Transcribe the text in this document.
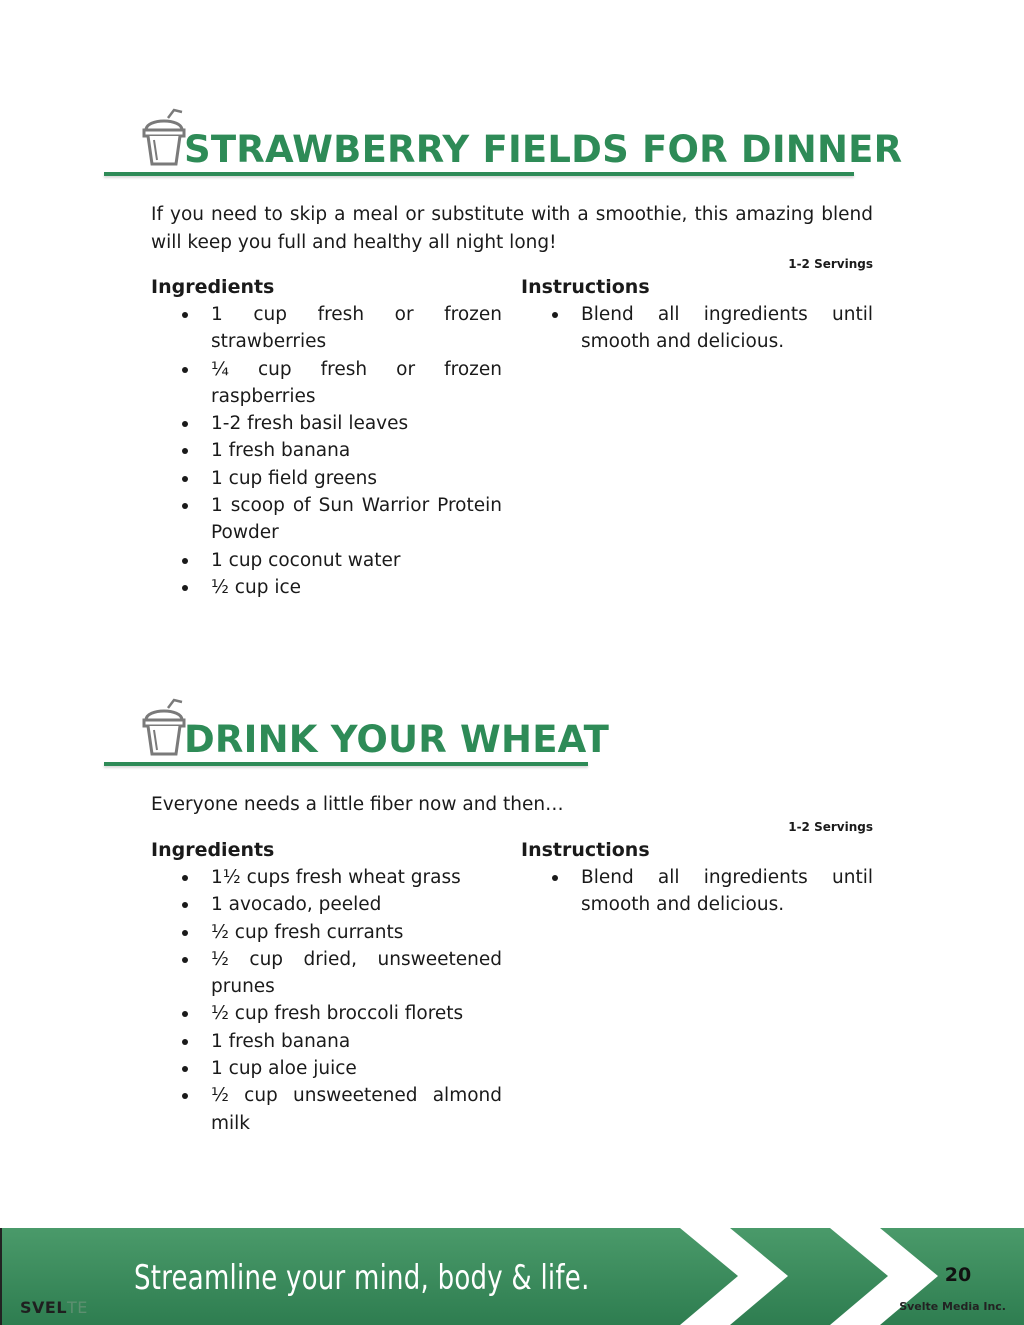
STRAWBERRY FIELDS FOR DINNER
If you need to skip a meal or substitute with a smoothie, this amazing blend will keep you full and healthy all night long!
1-2 Servings
Ingredients	Instructions
1 cup fresh or frozen strawberries
¼ cup fresh or frozen raspberries
1-2 fresh basil leaves
1 fresh banana
1 cup field greens
1 scoop of Sun Warrior Protein Powder
1 cup coconut water
½ cup ice
Blend all ingredients until smooth and delicious.
DRINK YOUR WHEAT
Everyone needs a little fiber now and then…
1-2 Servings
Ingredients	Instructions
1½ cups fresh wheat grass
1 avocado, peeled
½ cup fresh currants
½ cup dried, unsweetened prunes
½ cup fresh broccoli florets
1 fresh banana
1 cup aloe juice
½ cup unsweetened almond milk
Blend all ingredients until smooth and delicious.
Streamline your mind, body & life.
SVELTE
20
Svelte Media Inc.
